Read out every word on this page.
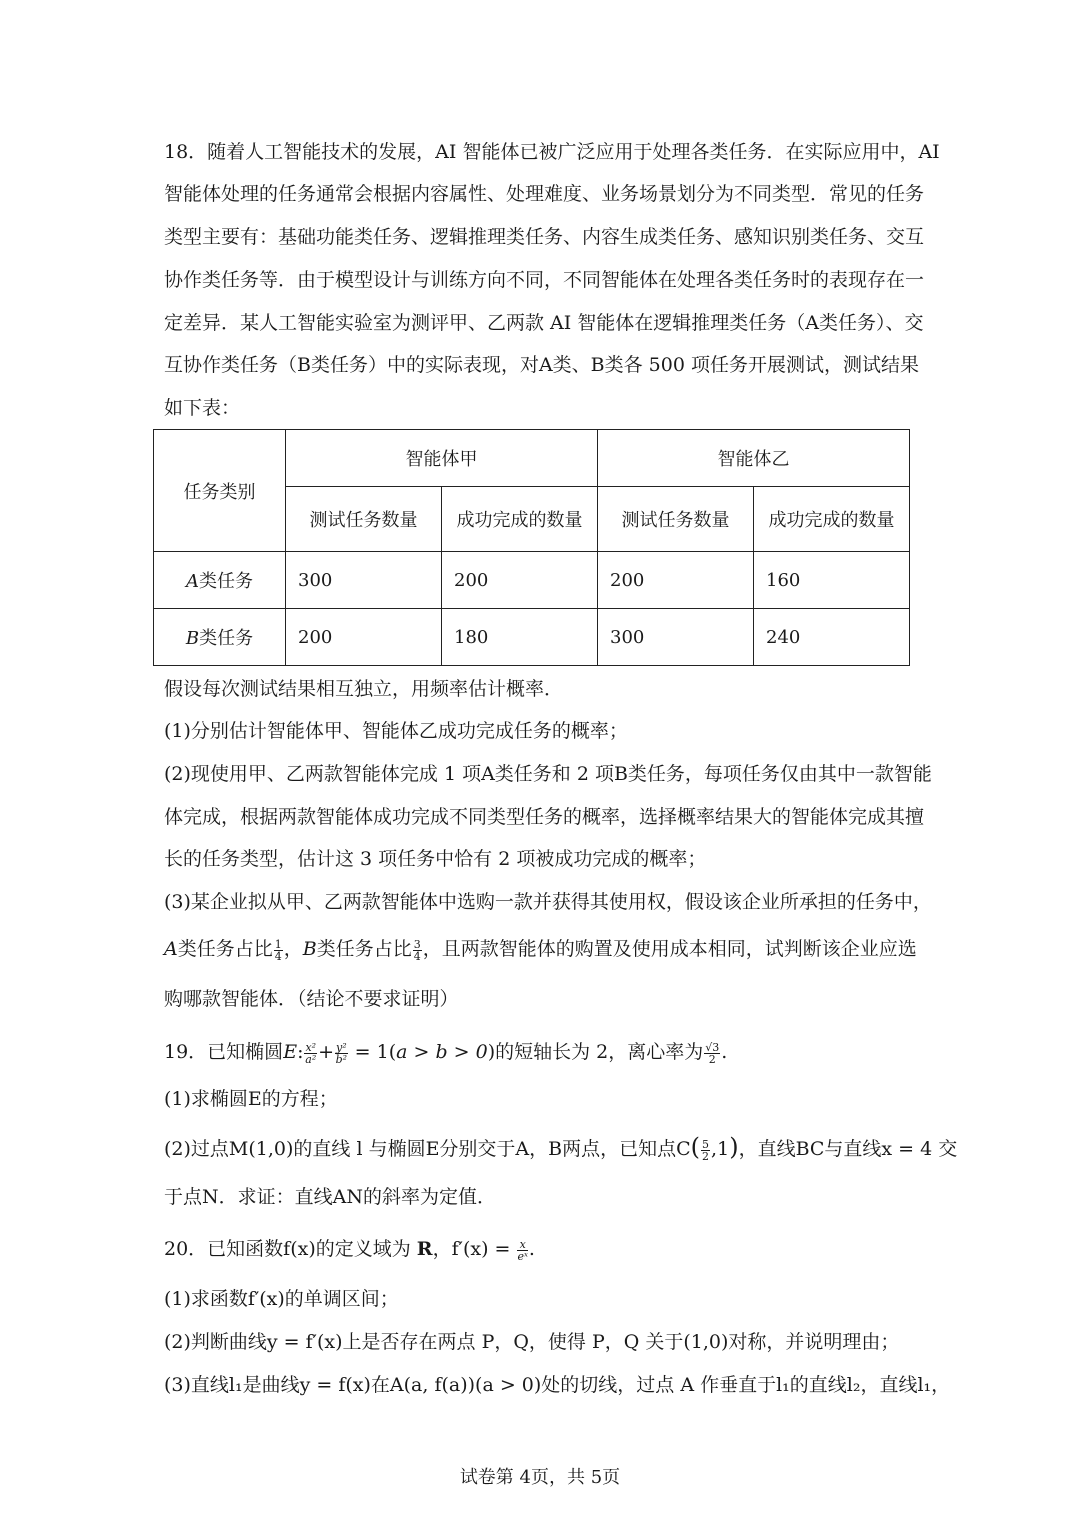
18．随着人工智能技术的发展，AI 智能体已被广泛应用于处理各类任务．在实际应用中，AI
智能体处理的任务通常会根据内容属性、处理难度、业务场景划分为不同类型．常见的任务
类型主要有：基础功能类任务、逻辑推理类任务、内容生成类任务、感知识别类任务、交互
协作类任务等．由于模型设计与训练方向不同，不同智能体在处理各类任务时的表现存在一
定差异．某人工智能实验室为测评甲、乙两款 AI 智能体在逻辑推理类任务（A类任务）、交
互协作类任务（B类任务）中的实际表现，对A类、B类各 500 项任务开展测试，测试结果
如下表：
任务类别	智能体甲		智能体乙	
	测试任务数量	成功完成的数量	测试任务数量	成功完成的数量
A类任务	300	200	200	160
B类任务	200	180	300	240
假设每次测试结果相互独立，用频率估计概率．
(1)分别估计智能体甲、智能体乙成功完成任务的概率；
(2)现使用甲、乙两款智能体完成 1 项A类任务和 2 项B类任务，每项任务仅由其中一款智能
体完成，根据两款智能体成功完成不同类型任务的概率，选择概率结果大的智能体完成其擅
长的任务类型，估计这 3 项任务中恰有 2 项被成功完成的概率；
(3)某企业拟从甲、乙两款智能体中选购一款并获得其使用权，假设该企业所承担的任务中，
A类任务占比 $\frac{1}{4}$ ，B类任务占比 $\frac{3}{4}$ ，且两款智能体的购置及使用成本相同，试判断该企业应选
购哪款智能体．（结论不要求证明）
19．已知椭圆E: $\frac{\text{x²}}{\text{a²}} + \frac{\text{y²}}{\text{b²}} = 1(a > b > 0)$的短轴长为 2，离心率为 $\frac{√3}{2}$ .
(1)求椭圆E的方程；
(2)过点M(1,0)的直线 l 与椭圆E分别交于A，B两点，已知点$C( \frac{5}{2} ,1)$，直线BC与直线x = 4 交
于点N．求证：直线AN的斜率为定值．
20．已知函数f(x)的定义域为 R，$f'(x) = \frac{x}{\text{eˣ}}$ .
(1)求函数f′(x)的单调区间；
(2)判断曲线y = f′(x)上是否存在两点 P，Q，使得 P，Q 关于(1,0)对称，并说明理由；
(3)直线l₁是曲线y = f(x)在A(a, f(a))(a > 0)处的切线，过点 A 作垂直于l₁的直线l₂，直线l₁，
试卷第 4页，共 5页
